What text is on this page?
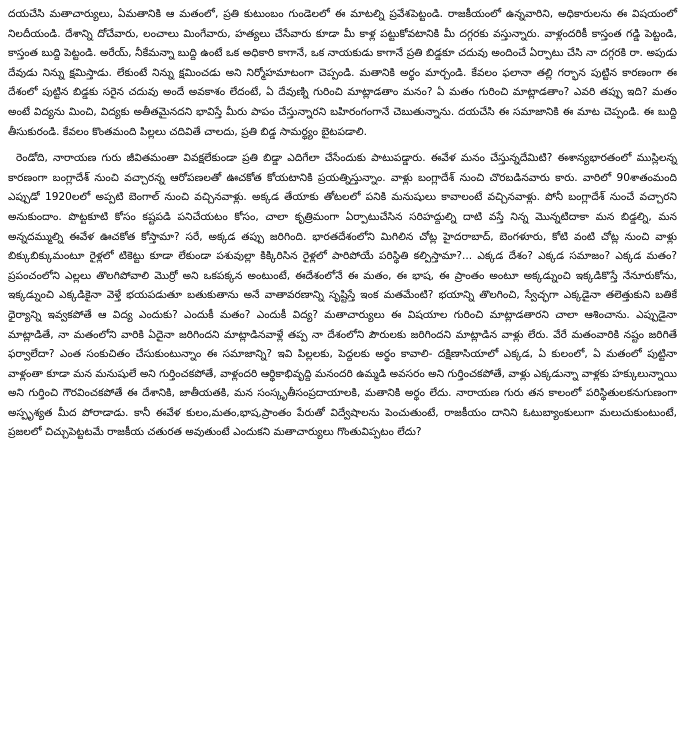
దయచేసి మతాచార్యులు, ఏమతానికి ఆ మతంలో, ప్రతి కుటుంబం గుండెలలో ఈ మాటల్ని ప్రవేశపెట్టండి. రాజకీయంలో ఉన్నవారిని, అధికారులను ఈ విషయంలో నిలదీయండి. దేశాన్ని దోచేవారు, లంచాలు మింగేవారు, హత్యలు చేసేవారు కూడా మీ కాళ్ల పట్టుకోవటానికి మీ దగ్గరకు వస్తున్నారు. వాళ్లందరికీ కాస్తంత గడ్డి పెట్టండి, కాస్తంత బుద్ది పెట్టండి. అరేయ్, నీకేమన్నా బుద్ది ఉంటే ఒక అధికారి కాగానే, ఒక నాయకుడు కాగానే ప్రతి బిడ్డకూ చదువు అందించే ఏర్పాటు చేసి నా దగ్గరకి రా. అపుడు దేవుడు నిన్ను క్షమిస్తాడు. లేకుంటే నిన్ను క్షమించడు అని నిర్మోహమాటంగా చెప్పండి. మతానికి అర్థం మార్చండి. కేవలం ఫలానా తల్లి గర్భాన పుట్టిన కారణంగా ఈ దేశంలో పుట్టిన బిడ్డకు సరైన చదువు అందే అవకాశం లేదంటే, ఏ దేవుణ్ని గురించి మాట్లాడతాం మనం? ఏ మతం గురించి మాట్లాడతాం? ఎవరి తప్పు ఇది? మతం అంటే విద్యను మించి, విద్యకు అతీతమైనదని భావిస్తే మీరు పాపం చేస్తున్నారని బహిరంగంగానే చెబుతున్నాను. దయచేసి ఈ సమాజానికి ఈ మాట చెప్పండి. ఈ బుద్ది తీసుకురండి. కేవలం కొంతమంది పిల్లలు చదివితే చాలదు, ప్రతి బిడ్డ సామర్థ్యం బైటపడాలి.

రెండోది, నారాయణ గురు జీవితమంతా వివక్షలేకుండా ప్రతి బిడ్డా ఎదిగేలా చేసేందుకు పాటుపడ్డారు. ఈవేళ మనం చేస్తున్నదేమిటి? ఈశాన్యభారతంలో ముస్లిలన్న కారణంగా బంగ్లాదేశ్ నుంచి వచ్చారన్న ఆరోపణలతో ఊచకోత కోయటానికి ప్రయత్నిస్తున్నాం. వాళ్లు బంగ్లాదేశ్ నుంచి చొరబడినవారు కారు. వారిలో 90శాతంమంది ఎప్పుడో 1920లలో అప్పటి బెంగాల్ నుంచి వచ్చినవాళ్లు. అక్కడ తేయాకు తోటలలో పనికి మనుషులు కావాలంటే వచ్చినవాళ్లు. పోనీ బంగ్లాదేశ్ నుంచే వచ్చారని అనుకుందాం. పొట్టకూటి కోసం కష్టపడి పనిచేయటం కోసం, చాలా కృత్రిమంగా ఏర్పాటుచేసిన సరిహద్దుల్ని దాటి వస్తే నిన్న మొన్నటిదాకా మన బిడ్డల్ని, మన అన్నదమ్ముల్ని ఈవేళ ఊచకోత కోస్తామా? సరే, అక్కడ తప్పు జరిగింది. భారతదేశంలోని మిగిలిన చోట్ల హైదరాబాద్, బెంగళూరు, కోటి వంటి చోట్ల నుంచి వాళ్లు బిక్కుబిక్కుమంటూ రైళ్లలో టికెట్టు కూడా లేకుండా పశువుల్లా కిక్కిరిసిన రైళ్లలో పారిపోయే పరిస్థితి కల్పిస్తామా?... ఎక్కడ దేశం? ఎక్కడ సమాజం? ఎక్కడ మతం? ప్రపంచంలోని ఎల్లలు తొలగిపోవాలి మొర్రో అని ఒకపక్కన అంటుంటే, ఈదేశంలోనే ఈ మతం, ఈ భాష, ఈ ప్రాంతం అంటూ అక్కడ్నుంచి ఇక్కడికొస్తే నేనూరుకోను, ఇక్కడ్నుంచి ఎక్కడికైనా వెళ్తే భయపడుతూ బతుకుతాను అనే వాతావరణాన్ని సృష్టిస్తే ఇంక మతమేంటి? భయాన్ని తొలగించి, స్వేచ్ఛగా ఎక్కడైనా తలెత్తుకుని బతికే ధైర్యాన్ని ఇవ్వకపోతే ఆ విద్య ఎందుకు? ఎందుకీ మతం? ఎందుకీ విద్య? మతాచార్యులు ఈ విషయాల గురించి మాట్లాడతారని చాలా ఆశించాను. ఎప్పుడైనా మాట్లాడితే, నా మతంలోని వారికి ఏదైనా జరిగిందని మాట్లాడినవాళ్లే తప్ప నా దేశంలోని పౌరులకు జరిగిందని మాట్లాడిన వాళ్లు లేరు. వేరే మతంవారికి నష్టం జరిగితే ఫర్వాలేదా? ఎంత సంకుచితం చేసుకుంటున్నాం ఈ సమాజాన్ని? ఇవి పిల్లలకు, పెద్దలకు అర్థం కావాలి- దక్షిణాసియాలో ఎక్కడ, ఏ కులంలో, ఏ మతంలో పుట్టినా వాళ్లంతా కూడా మన మనుషులే అని గుర్తించకపోతే, వాళ్లందరి ఆర్థికాభివృద్ది మనందరి ఉమ్మడి అవసరం అని గుర్తించకపోతే, వాళ్లు ఎక్కడున్నా వాళ్లకు హక్కులున్నాయి అని గుర్తించి గౌరవించకపోతే ఈ దేశానికి, జాతీయతకి, మన సంస్కృతీసంప్రదాయాలకి, మతానికి అర్థం లేదు. నారాయణ గురు తన కాలంలో పరిస్థితులకనుగుణంగా అస్పృశ్యత మీద పోరాడాడు. కానీ ఈవేళ కులం,మతం,భాష,ప్రాంతం పేరుతో విద్వేషాలను పెంచుతుంటే, రాజకీయం దానిని ఓటుబ్యాంకులుగా మలుచుకుంటుంటే, ప్రజలలో చిచ్చుపెట్టటమే రాజకీయ చతురత అవుతుంటే ఎందుకని మతాచార్యులు గొంతువిప్పటం లేదు?
